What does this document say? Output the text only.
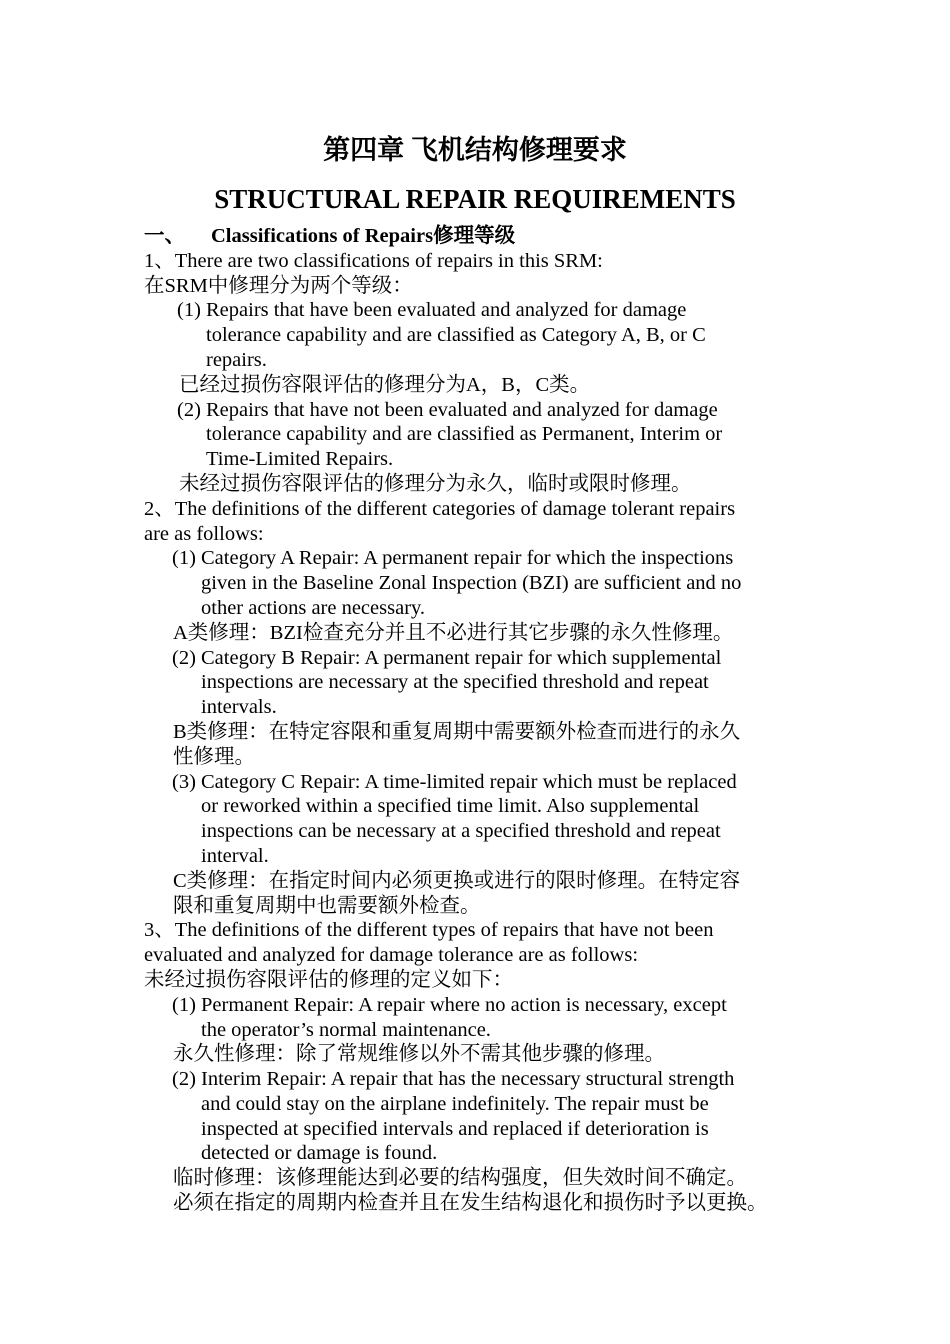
第四章 飞机结构修理要求
STRUCTURAL REPAIR REQUIREMENTS
一、	Classifications of Repairs修理等级
1、There are two classifications of repairs in this SRM:
在SRM中修理分为两个等级：
(1) Repairs that have been evaluated and analyzed for damage
tolerance capability and are classified as Category A, B, or C
repairs.
已经过损伤容限评估的修理分为A，B，C类。
(2) Repairs that have not been evaluated and analyzed for damage
tolerance capability and are classified as Permanent, Interim or
Time-Limited Repairs.
未经过损伤容限评估的修理分为永久，临时或限时修理。
2、The definitions of the different categories of damage tolerant repairs
are as follows:
(1) Category A Repair: A permanent repair for which the inspections
given in the Baseline Zonal Inspection (BZI) are sufficient and no
other actions are necessary.
A类修理：BZI检查充分并且不必进行其它步骤的永久性修理。
(2) Category B Repair: A permanent repair for which supplemental
inspections are necessary at the specified threshold and repeat
intervals.
B类修理：在特定容限和重复周期中需要额外检查而进行的永久
性修理。
(3) Category C Repair: A time-limited repair which must be replaced
or reworked within a specified time limit. Also supplemental
inspections can be necessary at a specified threshold and repeat
interval.
C类修理：在指定时间内必须更换或进行的限时修理。在特定容
限和重复周期中也需要额外检查。
3、The definitions of the different types of repairs that have not been
evaluated and analyzed for damage tolerance are as follows:
未经过损伤容限评估的修理的定义如下：
(1) Permanent Repair: A repair where no action is necessary, except
the operator’s normal maintenance.
永久性修理：除了常规维修以外不需其他步骤的修理。
(2) Interim Repair: A repair that has the necessary structural strength
and could stay on the airplane indefinitely. The repair must be
inspected at specified intervals and replaced if deterioration is
detected or damage is found.
临时修理：该修理能达到必要的结构强度，但失效时间不确定。
必须在指定的周期内检查并且在发生结构退化和损伤时予以更换。
